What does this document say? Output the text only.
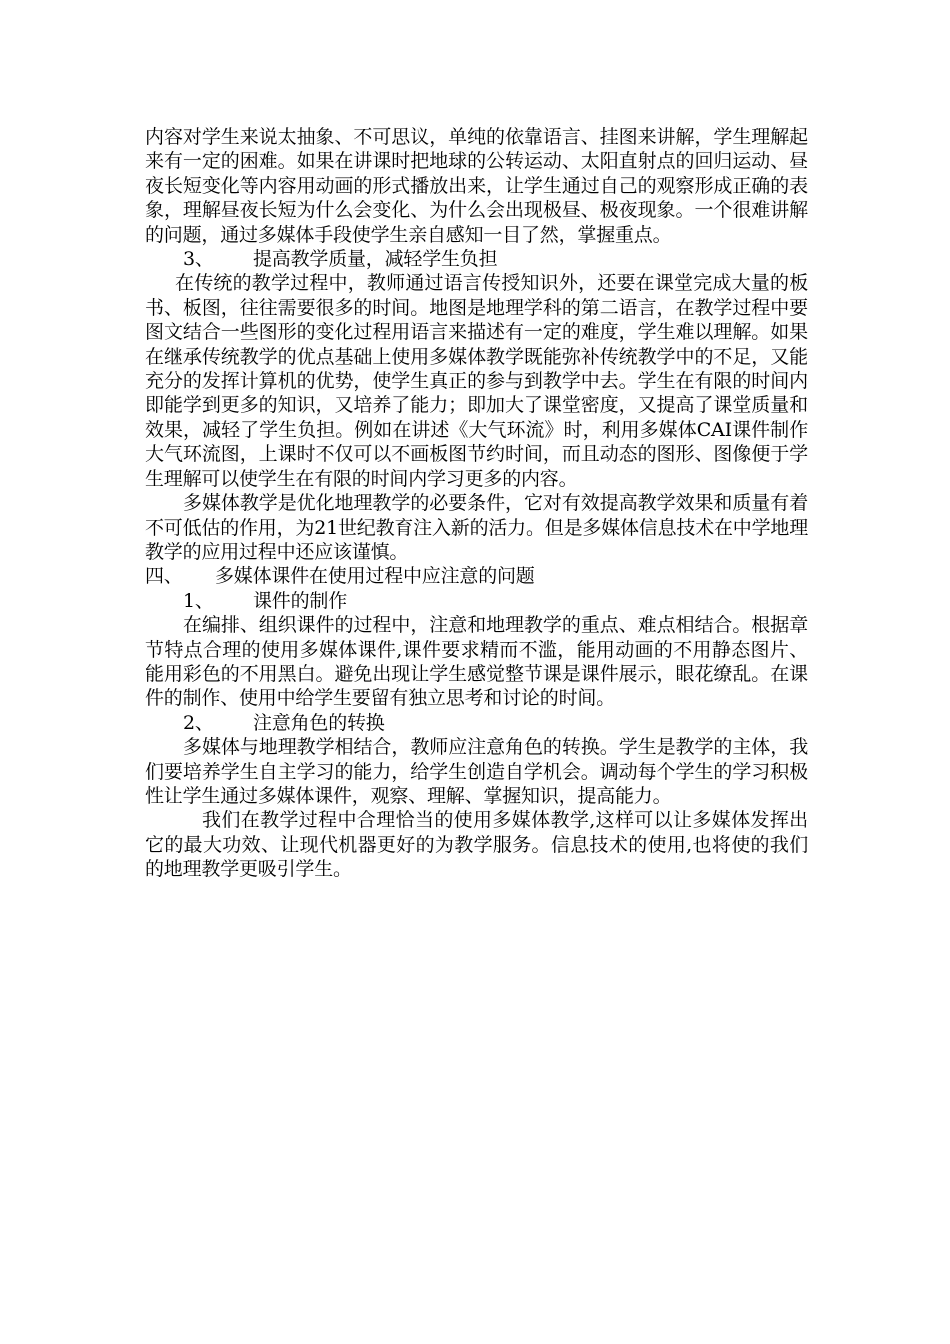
内容对学生来说太抽象、不可思议，单纯的依靠语言、挂图来讲解，学生理解起来有一定的困难。如果在讲课时把地球的公转运动、太阳直射点的回归运动、昼夜长短变化等内容用动画的形式播放出来，让学生通过自己的观察形成正确的表象，理解昼夜长短为什么会变化、为什么会出现极昼、极夜现象。一个很难讲解的问题，通过多媒体手段使学生亲自感知一目了然，掌握重点。

3、 提高教学质量，减轻学生负担

在传统的教学过程中，教师通过语言传授知识外，还要在课堂完成大量的板书、板图，往往需要很多的时间。地图是地理学科的第二语言，在教学过程中要图文结合一些图形的变化过程用语言来描述有一定的难度，学生难以理解。如果在继承传统教学的优点基础上使用多媒体教学既能弥补传统教学中的不足，又能充分的发挥计算机的优势，使学生真正的参与到教学中去。学生在有限的时间内即能学到更多的知识，又培养了能力；即加大了课堂密度，又提高了课堂质量和效果，减轻了学生负担。例如在讲述《大气环流》时，利用多媒体CAI课件制作大气环流图，上课时不仅可以不画板图节约时间，而且动态的图形、图像便于学生理解可以使学生在有限的时间内学习更多的内容。

多媒体教学是优化地理教学的必要条件，它对有效提高教学效果和质量有着不可低估的作用，为21世纪教育注入新的活力。但是多媒体信息技术在中学地理教学的应用过程中还应该谨慎。

四、 多媒体课件在使用过程中应注意的问题

1、 课件的制作

在编排、组织课件的过程中，注意和地理教学的重点、难点相结合。根据章节特点合理的使用多媒体课件,课件要求精而不滥，能用动画的不用静态图片、能用彩色的不用黑白。避免出现让学生感觉整节课是课件展示，眼花缭乱。在课件的制作、使用中给学生要留有独立思考和讨论的时间。

2、 注意角色的转换

多媒体与地理教学相结合，教师应注意角色的转换。学生是教学的主体，我们要培养学生自主学习的能力，给学生创造自学机会。调动每个学生的学习积极性让学生通过多媒体课件，观察、理解、掌握知识，提高能力。

我们在教学过程中合理恰当的使用多媒体教学,这样可以让多媒体发挥出它的最大功效、让现代机器更好的为教学服务。信息技术的使用,也将使的我们的地理教学更吸引学生。
